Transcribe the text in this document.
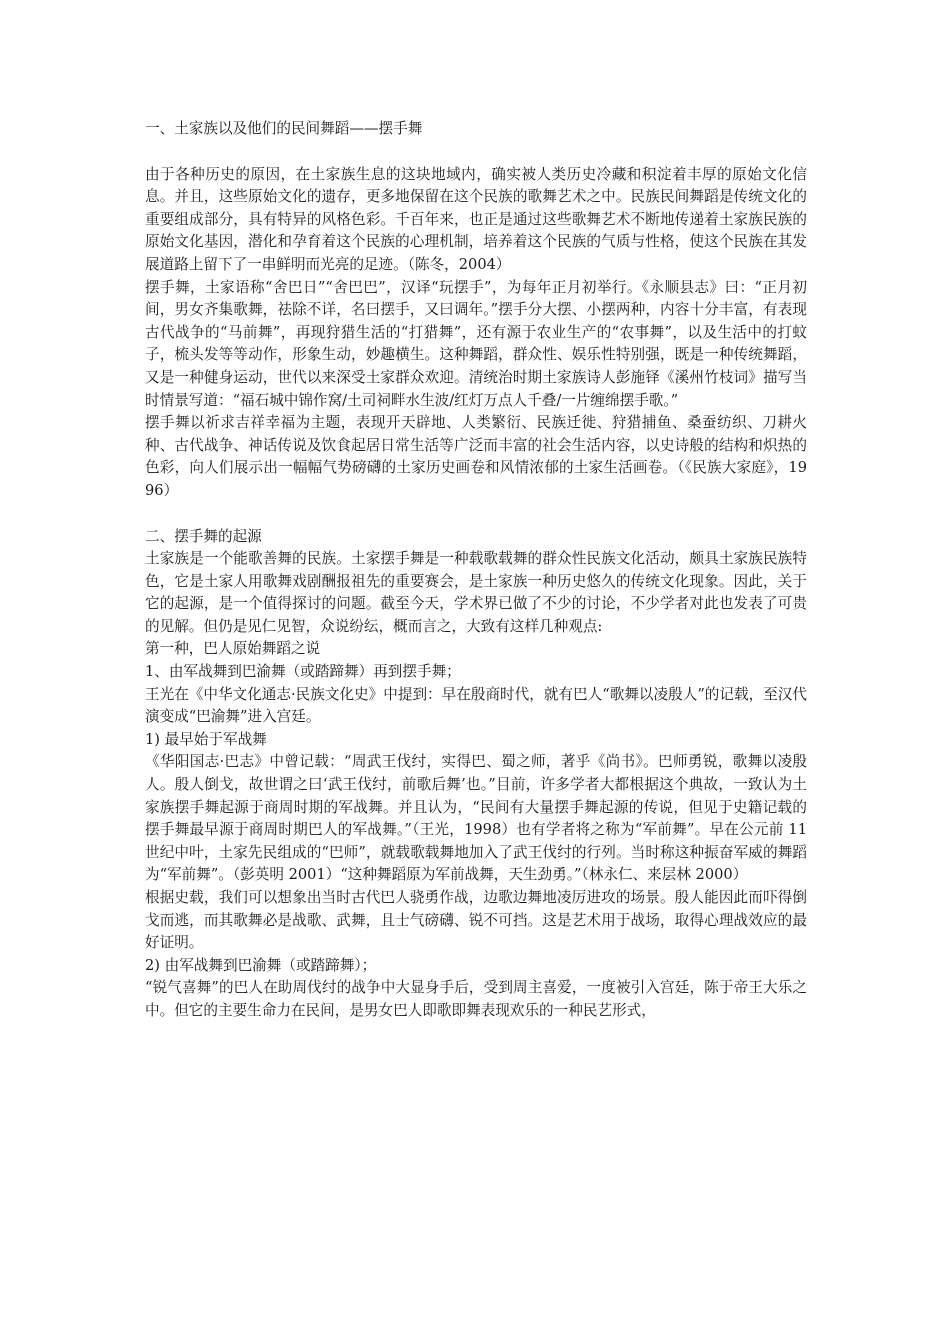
一、土家族以及他们的民间舞蹈——摆手舞

由于各种历史的原因，在土家族生息的这块地域内，确实被人类历史冷藏和积淀着丰厚的原始文化信息。并且，这些原始文化的遗存，更多地保留在这个民族的歌舞艺术之中。民族民间舞蹈是传统文化的重要组成部分，具有特异的风格色彩。千百年来，也正是通过这些歌舞艺术不断地传递着土家族民族的原始文化基因，潜化和孕育着这个民族的心理机制，培养着这个民族的气质与性格，使这个民族在其发展道路上留下了一串鲜明而光亮的足迹。（陈冬，2004）

摆手舞，土家语称“舍巴日”“舍巴巴”，汉译“玩摆手”，为每年正月初举行。《永顺县志》曰：“正月初间，男女齐集歌舞，祛除不详，名曰摆手，又曰调年。”摆手分大摆、小摆两种，内容十分丰富，有表现古代战争的“马前舞”，再现狩猎生活的“打猎舞”，还有源于农业生产的“农事舞”，以及生活中的打蚊子，梳头发等等动作，形象生动，妙趣横生。这种舞蹈，群众性、娱乐性特别强，既是一种传统舞蹈，又是一种健身运动，世代以来深受土家群众欢迎。清统治时期土家族诗人彭施铎《溪州竹枝词》描写当时情景写道：“福石城中锦作窝/土司祠畔水生波/红灯万点人千叠/一片缠绵摆手歌。”

摆手舞以祈求吉祥幸福为主题，表现开天辟地、人类繁衍、民族迁徙、狩猎捕鱼、桑蚕纺织、刀耕火种、古代战争、神话传说及饮食起居日常生活等广泛而丰富的社会生活内容，以史诗般的结构和炽热的色彩，向人们展示出一幅幅气势磅礴的土家历史画卷和风情浓郁的土家生活画卷。（《民族大家庭》，1996）

二、摆手舞的起源

土家族是一个能歌善舞的民族。土家摆手舞是一种载歌载舞的群众性民族文化活动，颇具土家族民族特色，它是土家人用歌舞戏剧酬报祖先的重要赛会，是土家族一种历史悠久的传统文化现象。因此，关于它的起源，是一个值得探讨的问题。截至今天，学术界已做了不少的讨论，不少学者对此也发表了可贵的见解。但仍是见仁见智，众说纷纭，概而言之，大致有这样几种观点:

第一种，巴人原始舞蹈之说

1、由军战舞到巴渝舞（或踏蹄舞）再到摆手舞；

王光在《中华文化通志·民族文化史》中提到：早在殷商时代，就有巴人“歌舞以凌殷人”的记载，至汉代演变成“巴渝舞”进入宫廷。

1) 最早始于军战舞

《华阳国志·巴志》中曾记载：“周武王伐纣，实得巴、蜀之师，著乎《尚书》。巴师勇锐，歌舞以凌殷人。殷人倒戈，故世谓之曰‘武王伐纣，前歌后舞’也。”目前，许多学者大都根据这个典故，一致认为土家族摆手舞起源于商周时期的军战舞。并且认为，“民间有大量摆手舞起源的传说，但见于史籍记载的摆手舞最早源于商周时期巴人的军战舞。”（王光，1998）也有学者将之称为“军前舞”。早在公元前 11 世纪中叶，土家先民组成的“巴师”，就载歌载舞地加入了武王伐纣的行列。当时称这种振奋军威的舞蹈为“军前舞”。（彭英明 2001）“这种舞蹈原为军前战舞，天生劲勇。”（林永仁、来层林 2000）

根据史载，我们可以想象出当时古代巴人骁勇作战，边歌边舞地凌厉进攻的场景。殷人能因此而吓得倒戈而逃，而其歌舞必是战歌、武舞，且士气磅礴、锐不可挡。这是艺术用于战场，取得心理战效应的最好证明。

2) 由军战舞到巴渝舞（或踏蹄舞）；

“锐气喜舞”的巴人在助周伐纣的战争中大显身手后，受到周主喜爱，一度被引入宫廷，陈于帝王大乐之中。但它的主要生命力在民间，是男女巴人即歌即舞表现欢乐的一种民艺形式，
